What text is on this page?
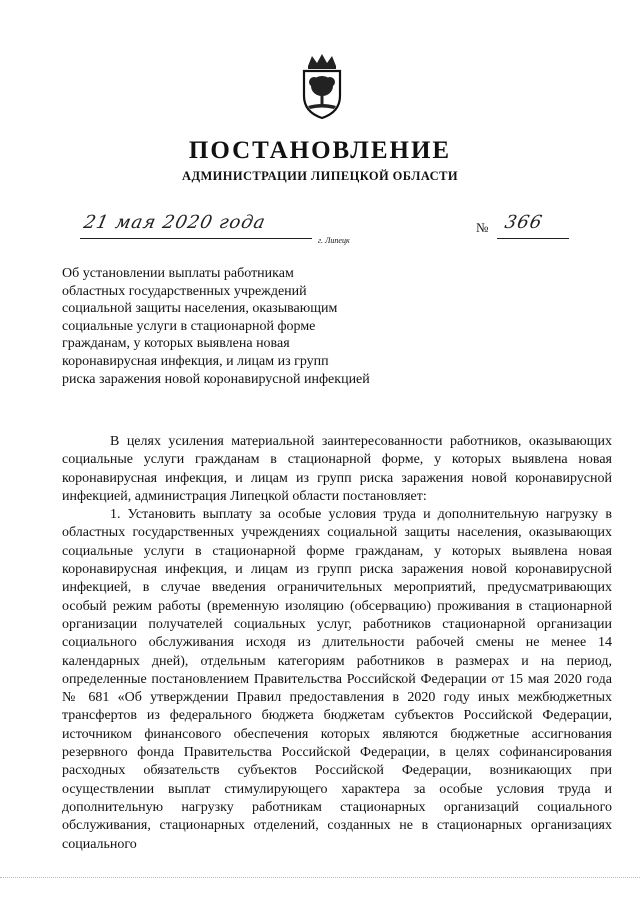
ПОСТАНОВЛЕНИЕ
АДМИНИСТРАЦИИ ЛИПЕЦКОЙ ОБЛАСТИ
21 мая 2020 года
г. Липецк
№ 366
Об установлении выплаты работникам
областных государственных учреждений
социальной защиты населения, оказывающим
социальные услуги в стационарной форме
гражданам, у которых выявлена новая
коронавирусная инфекция, и лицам из групп
риска заражения новой коронавирусной инфекцией

В целях усиления материальной заинтересованности работников, оказывающих социальные услуги гражданам в стационарной форме, у которых выявлена новая коронавирусная инфекция, и лицам из групп риска заражения новой коронавирусной инфекцией, администрация Липецкой области постановляет:

1. Установить выплату за особые условия труда и дополнительную нагрузку в областных государственных учреждениях социальной защиты населения, оказывающих социальные услуги в стационарной форме гражданам, у которых выявлена новая коронавирусная инфекция, и лицам из групп риска заражения новой коронавирусной инфекцией, в случае введения ограничительных мероприятий, предусматривающих особый режим работы (временную изоляцию (обсервацию) проживания в стационарной организации получателей социальных услуг, работников стационарной организации социального обслуживания исходя из длительности рабочей смены не менее 14 календарных дней), отдельным категориям работников в размерах и на период, определенные постановлением Правительства Российской Федерации от 15 мая 2020 года № 681 «Об утверждении Правил предоставления в 2020 году иных межбюджетных трансфертов из федерального бюджета бюджетам субъектов Российской Федерации, источником финансового обеспечения которых являются бюджетные ассигнования резервного фонда Правительства Российской Федерации, в целях софинансирования расходных обязательств субъектов Российской Федерации, возникающих при осуществлении выплат стимулирующего характера за особые условия труда и дополнительную нагрузку работникам стационарных организаций социального обслуживания, стационарных отделений, созданных не в стационарных организациях социального
